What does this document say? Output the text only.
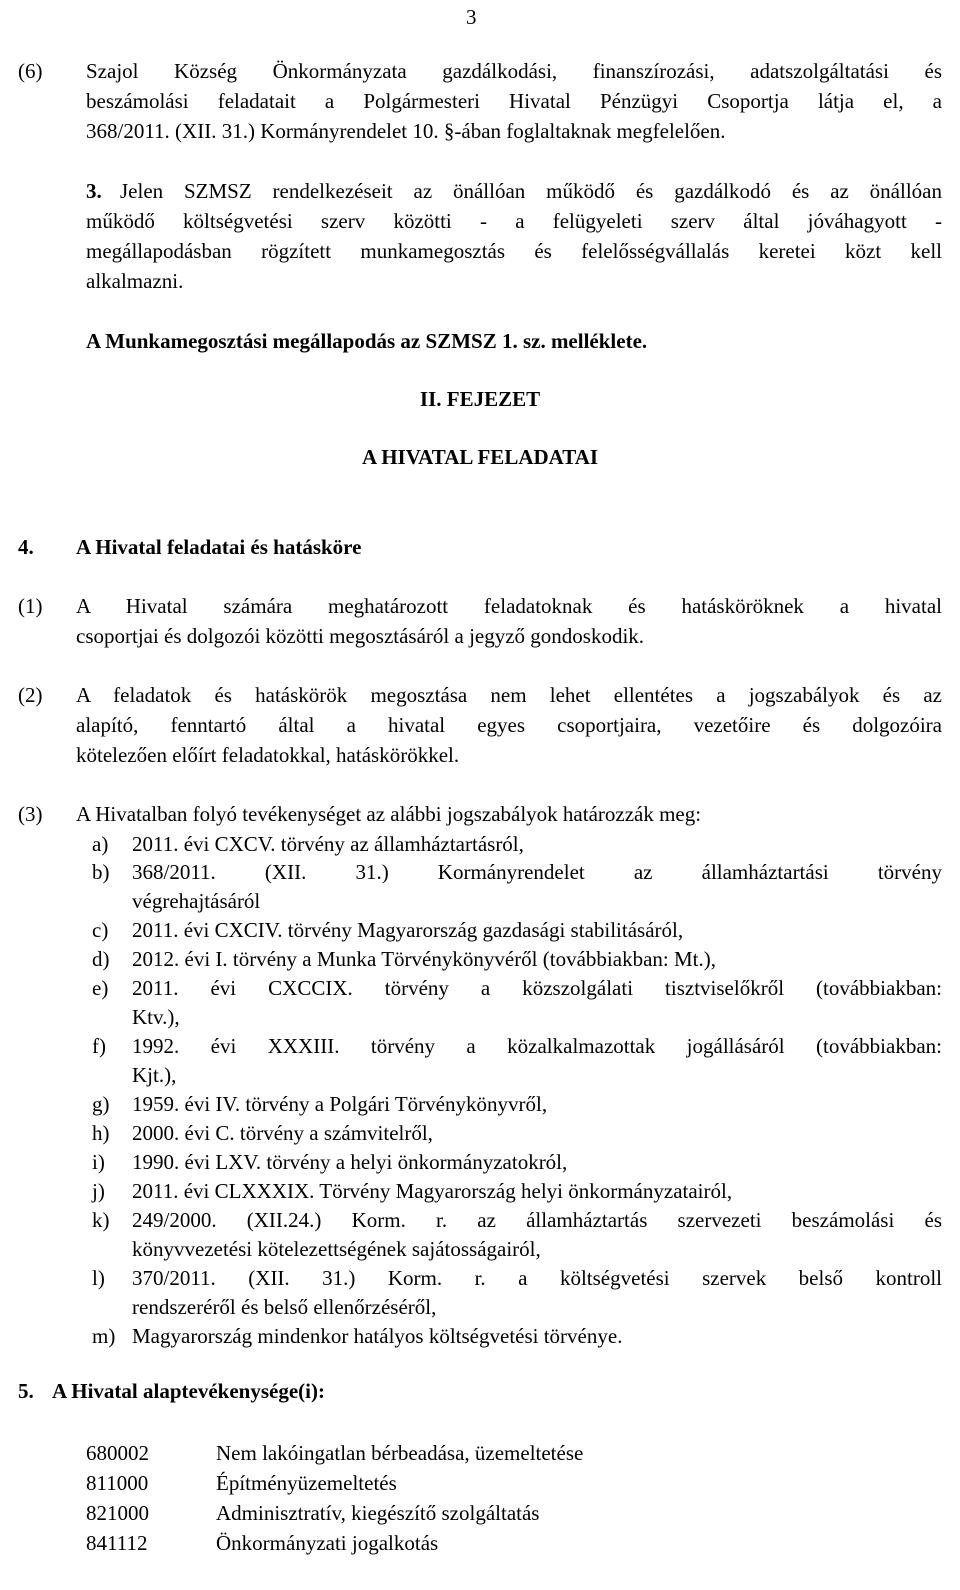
3
(6) Szajol Község Önkormányzata gazdálkodási, finanszírozási, adatszolgáltatási és
beszámolási feladatait a Polgármesteri Hivatal Pénzügyi Csoportja látja el, a
368/2011. (XII. 31.) Kormányrendelet 10. §-ában foglaltaknak megfelelően.
3. Jelen SZMSZ rendelkezéseit az önállóan működő és gazdálkodó és az önállóan
működő költségvetési szerv közötti - a felügyeleti szerv által jóváhagyott -
megállapodásban rögzített munkamegosztás és felelősségvállalás keretei közt kell
alkalmazni.
A Munkamegosztási megállapodás az SZMSZ 1. sz. melléklete.
II. FEJEZET
A HIVATAL FELADATAI
4. A Hivatal feladatai és hatásköre
(1) A Hivatal számára meghatározott feladatoknak és hatásköröknek a hivatal
csoportjai és dolgozói közötti megosztásáról a jegyző gondoskodik.
(2) A feladatok és hatáskörök megosztása nem lehet ellentétes a jogszabályok és az
alapító, fenntartó által a hivatal egyes csoportjaira, vezetőire és dolgozóira
kötelezően előírt feladatokkal, hatáskörökkel.
(3) A Hivatalban folyó tevékenységet az alábbi jogszabályok határozzák meg:
a) 2011. évi CXCV. törvény az államháztartásról,
b) 368/2011. (XII. 31.) Kormányrendelet az államháztartási törvény
végrehajtásáról
c) 2011. évi CXCIV. törvény Magyarország gazdasági stabilitásáról,
d) 2012. évi I. törvény a Munka Törvénykönyvéről (továbbiakban: Mt.),
e) 2011. évi CXCCIX. törvény a közszolgálati tisztviselőkről (továbbiakban:
Ktv.),
f) 1992. évi XXXIII. törvény a közalkalmazottak jogállásáról (továbbiakban:
Kjt.),
g) 1959. évi IV. törvény a Polgári Törvénykönyvről,
h) 2000. évi C. törvény a számvitelről,
i) 1990. évi LXV. törvény a helyi önkormányzatokról,
j) 2011. évi CLXXXIX. Törvény Magyarország helyi önkormányzatairól,
k) 249/2000. (XII.24.) Korm. r. az államháztartás szervezeti beszámolási és
könyvvezetési kötelezettségének sajátosságairól,
l) 370/2011. (XII. 31.) Korm. r. a költségvetési szervek belső kontroll
rendszeréről és belső ellenőrzéséről,
m) Magyarország mindenkor hatályos költségvetési törvénye.
5. A Hivatal alaptevékenysége(i):
680002	Nem lakóingatlan bérbeadása, üzemeltetése
811000	Építményüzemeltetés
821000	Adminisztratív, kiegészítő szolgáltatás
841112	Önkormányzati jogalkotás
